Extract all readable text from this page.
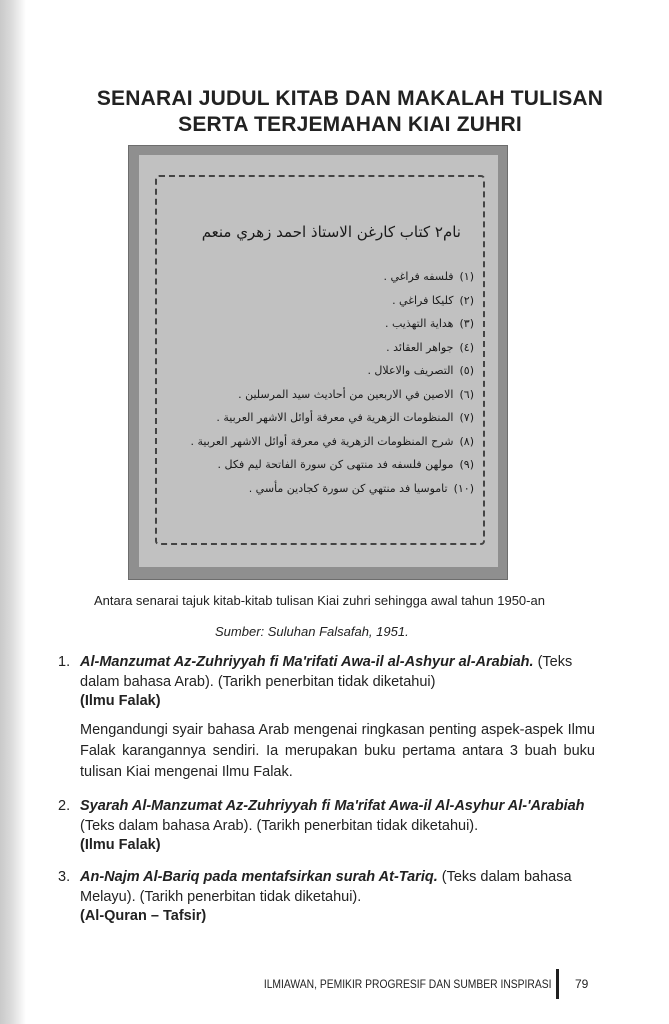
SENARAI JUDUL KITAB DAN MAKALAH TULISAN
SERTA TERJEMAHAN KIAI ZUHRI
نام٢ كتاب كارغن الاستاذ احمد زهري منعم
(١)فلسفه فراغي .
(٢)كليكا فراغي .
(٣)هداية التهذيب .
(٤)جواهر العقائد .
(٥)التصريف والاعلال .
(٦)الاصين في الاربعين من أحاديث سيد المرسلين .
(٧)المنظومات الزهرية في معرفة أوائل الاشهر العربية .
(٨)شرح المنظومات الزهرية في معرفة أوائل الاشهر العربية .
(٩)مولهن فلسفه فد منتهى كن سورة الفاتحة ليم فكل .
(١٠)تاموسيا فد منتهي كن سورة كجادين مأسي .
Antara senarai tajuk kitab-kitab tulisan Kiai zuhri sehingga awal tahun 1950-an
Sumber: Suluhan Falsafah, 1951.
1. Al-Manzumat Az-Zuhriyyah fi Ma'rifati Awa-il al-Ashyur al-Arabiah. (Teks dalam bahasa Arab). (Tarikh penerbitan tidak diketahui)
(Ilmu Falak)
Mengandungi syair bahasa Arab mengenai ringkasan penting aspek-aspek Ilmu Falak karangannya sendiri. Ia merupakan buku pertama antara 3 buah buku tulisan Kiai mengenai Ilmu Falak.
2. Syarah Al-Manzumat Az-Zuhriyyah fi Ma'rifat Awa-il Al-Asyhur Al-'Arabiah (Teks dalam bahasa Arab). (Tarikh penerbitan tidak diketahui).
(Ilmu Falak)
3. An-Najm Al-Bariq pada mentafsirkan surah At-Tariq. (Teks dalam bahasa Melayu). (Tarikh penerbitan tidak diketahui).
(Al-Quran – Tafsir)
ILMIAWAN, PEMIKIR PROGRESIF DAN SUMBER INSPIRASI 79
